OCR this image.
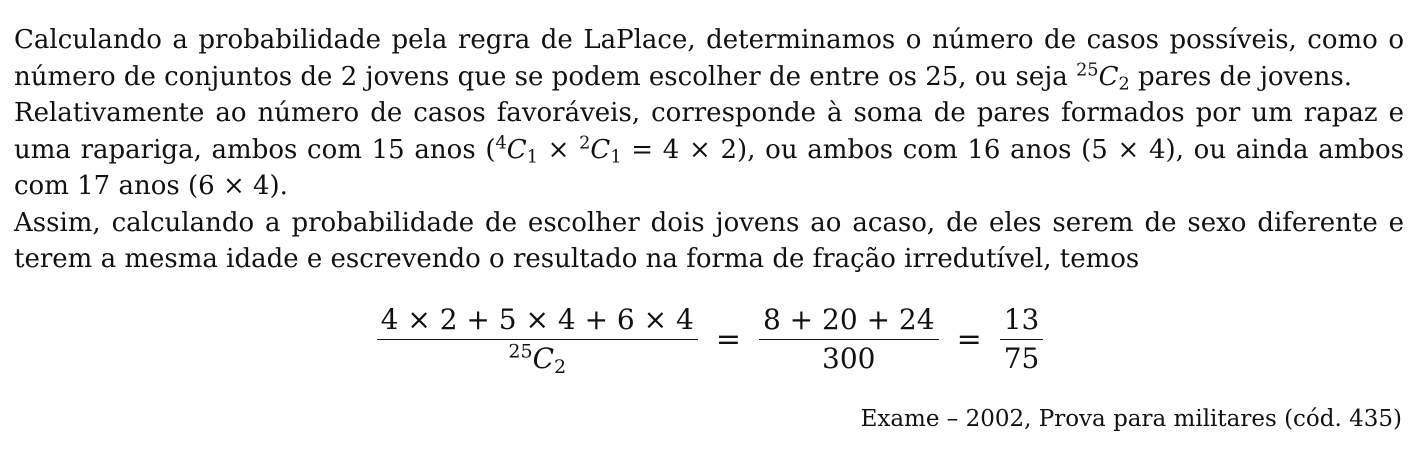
Calculando a probabilidade pela regra de LaPlace, determinamos o número de casos possíveis, como o número de conjuntos de 2 jovens que se podem escolher de entre os 25, ou seja $^{25}C_2$ pares de jovens.

Relativamente ao número de casos favoráveis, corresponde à soma de pares formados por um rapaz e uma rapariga, ambos com 15 anos $(^4C_1 \times ^2C_1 = 4 \times 2)$, ou ambos com 16 anos (5 × 4), ou ainda ambos com 17 anos (6 × 4).

Assim, calculando a probabilidade de escolher dois jovens ao acaso, de eles serem de sexo diferente e terem a mesma idade e escrevendo o resultado na forma de fração irredutível, temos

$\frac{4 \times 2 + 5 \times 4 + 6 \times 4}{^{25}C_2} = \frac{8 + 20 + 24}{300} = \frac{13}{75}$
Exame – 2002, Prova para militares (cód. 435)
